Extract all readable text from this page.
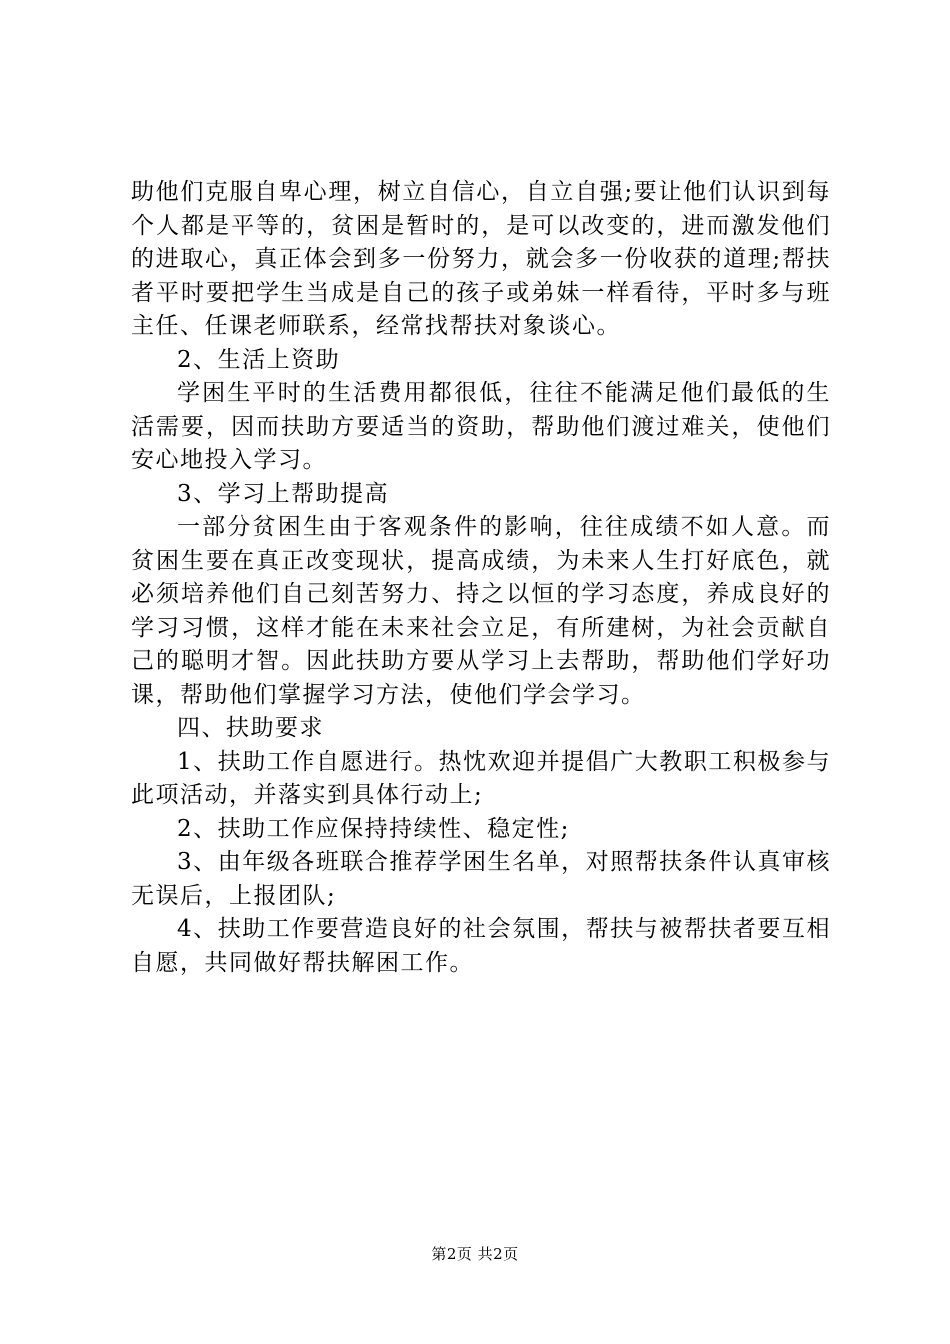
助他们克服自卑心理，树立自信心，自立自强;要让他们认识到每个人都是平等的，贫困是暂时的，是可以改变的，进而激发他们的进取心，真正体会到多一份努力，就会多一份收获的道理;帮扶者平时要把学生当成是自己的孩子或弟妹一样看待，平时多与班主任、任课老师联系，经常找帮扶对象谈心。

2、生活上资助

学困生平时的生活费用都很低，往往不能满足他们最低的生活需要，因而扶助方要适当的资助，帮助他们渡过难关，使他们安心地投入学习。

3、学习上帮助提高

一部分贫困生由于客观条件的影响，往往成绩不如人意。而贫困生要在真正改变现状，提高成绩，为未来人生打好底色，就必须培养他们自己刻苦努力、持之以恒的学习态度，养成良好的学习习惯，这样才能在未来社会立足，有所建树，为社会贡献自己的聪明才智。因此扶助方要从学习上去帮助，帮助他们学好功课，帮助他们掌握学习方法，使他们学会学习。

四、扶助要求

1、扶助工作自愿进行。热忱欢迎并提倡广大教职工积极参与此项活动，并落实到具体行动上;

2、扶助工作应保持持续性、稳定性;

3、由年级各班联合推荐学困生名单，对照帮扶条件认真审核无误后，上报团队;

4、扶助工作要营造良好的社会氛围，帮扶与被帮扶者要互相自愿，共同做好帮扶解困工作。

第2页 共2页
